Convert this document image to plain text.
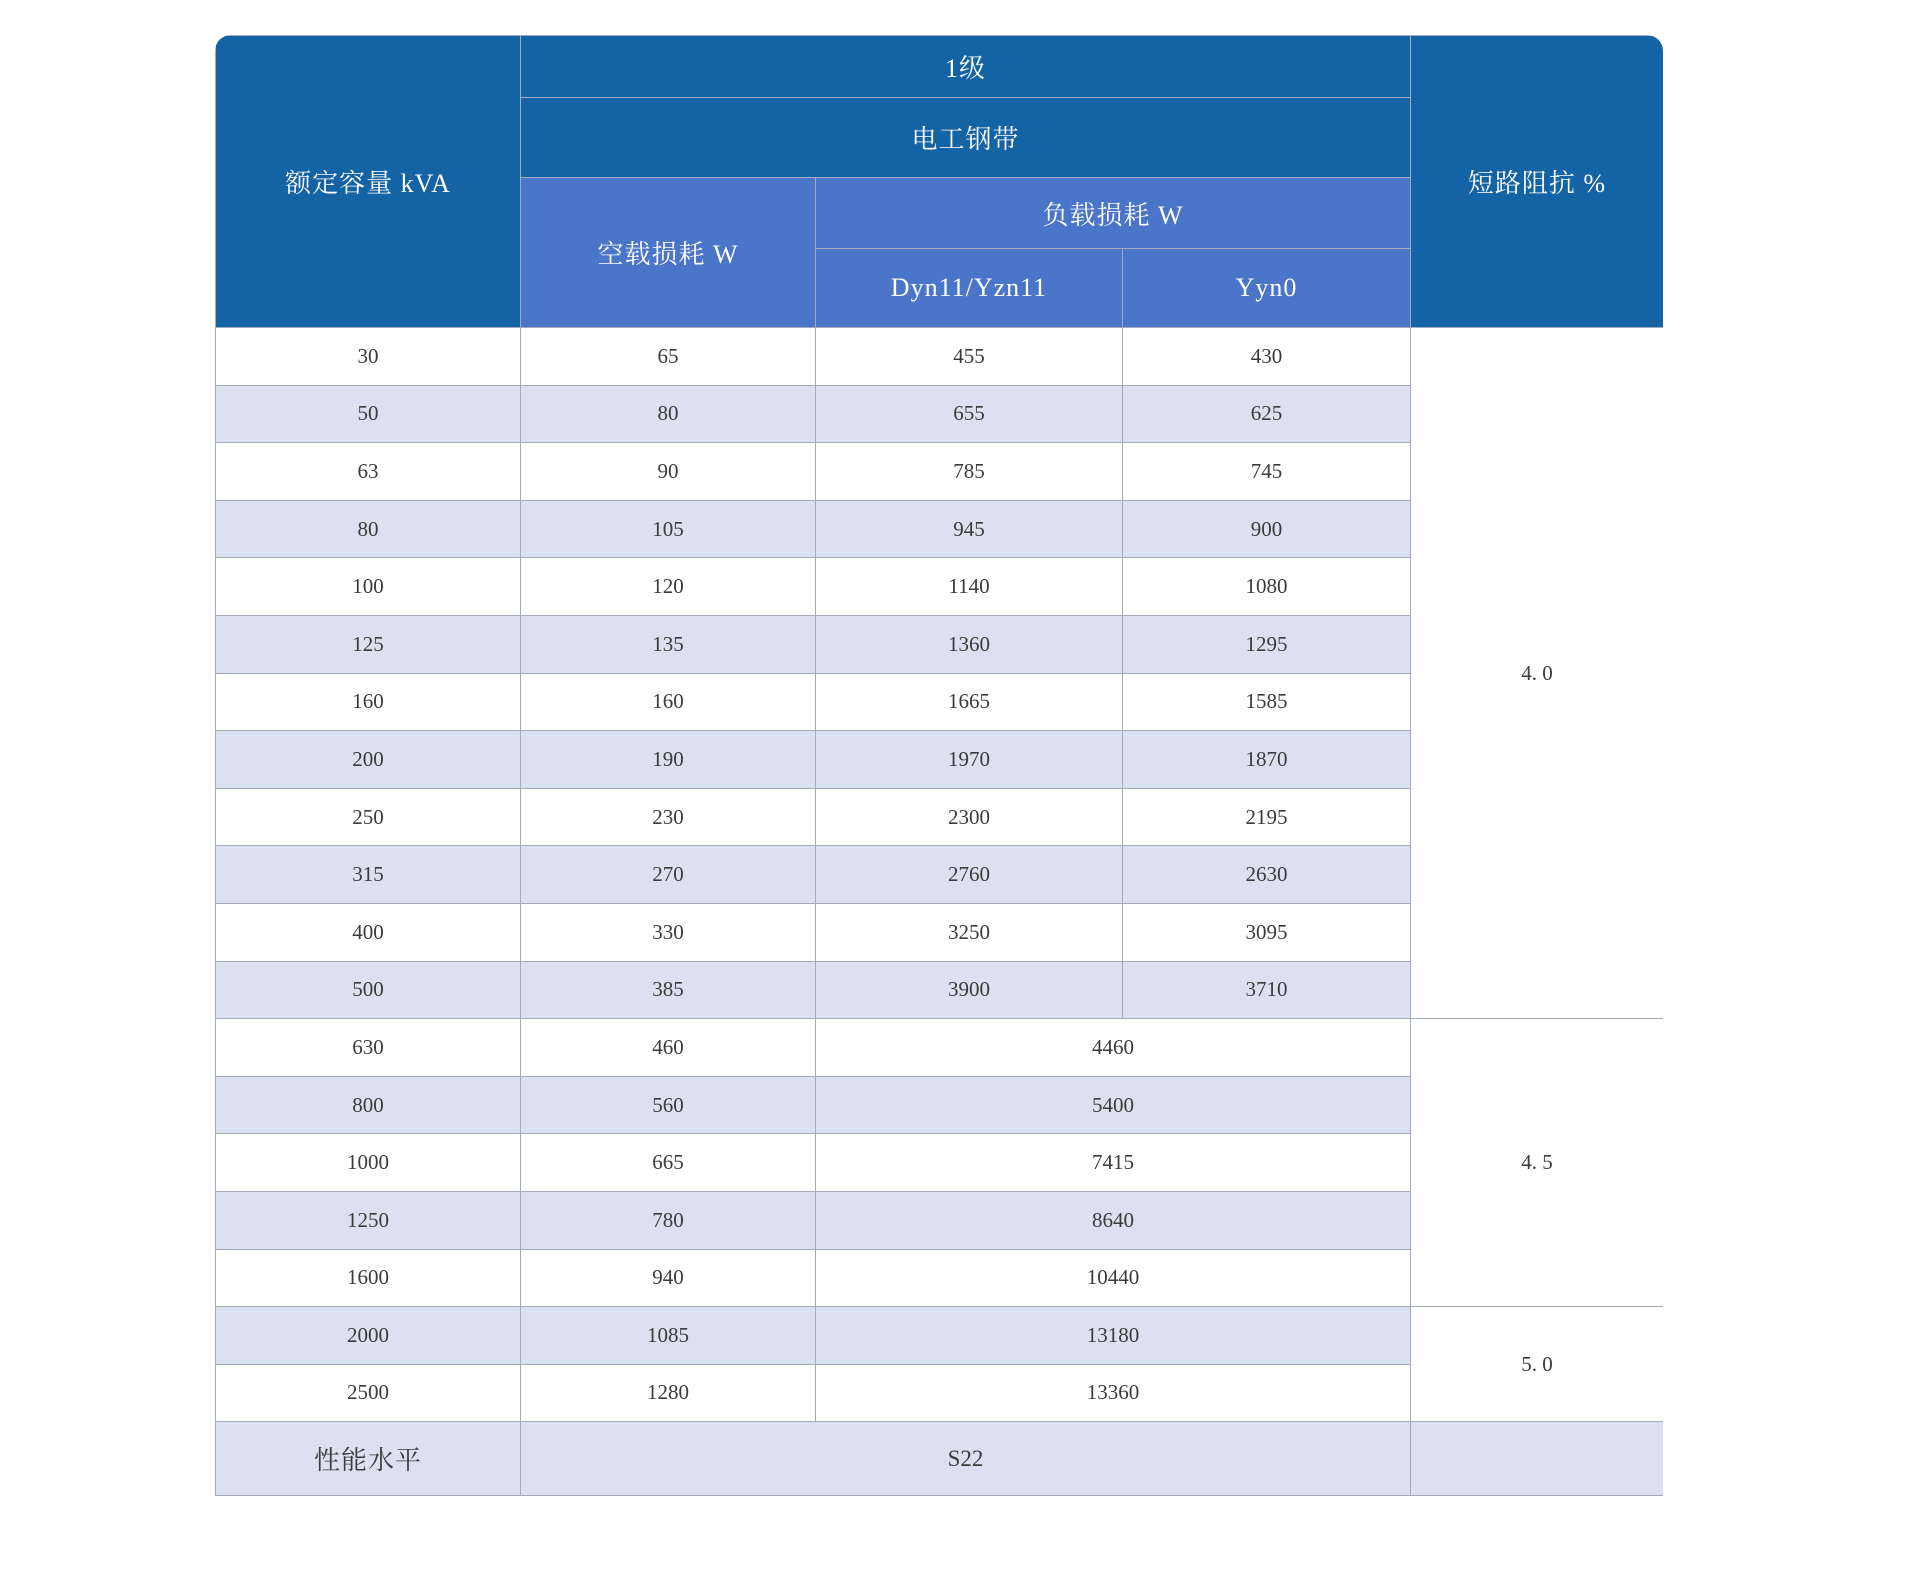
额定容量 kVA	1级			短路阻抗 %
	电工钢带			
	空载损耗 W	负载损耗 W		
		Dyn11/Yzn11	Yyn0	
30	65	455	430	4. 0
50	80	655	625	
63	90	785	745	
80	105	945	900	
100	120	1140	1080	
125	135	1360	1295	
160	160	1665	1585	
200	190	1970	1870	
250	230	2300	2195	
315	270	2760	2630	
400	330	3250	3095	
500	385	3900	3710	
630	460	4460		4. 5
800	560	5400		
1000	665	7415		
1250	780	8640		
1600	940	10440		
2000	1085	13180		5. 0
2500	1280	13360		
性能水平	S22			
